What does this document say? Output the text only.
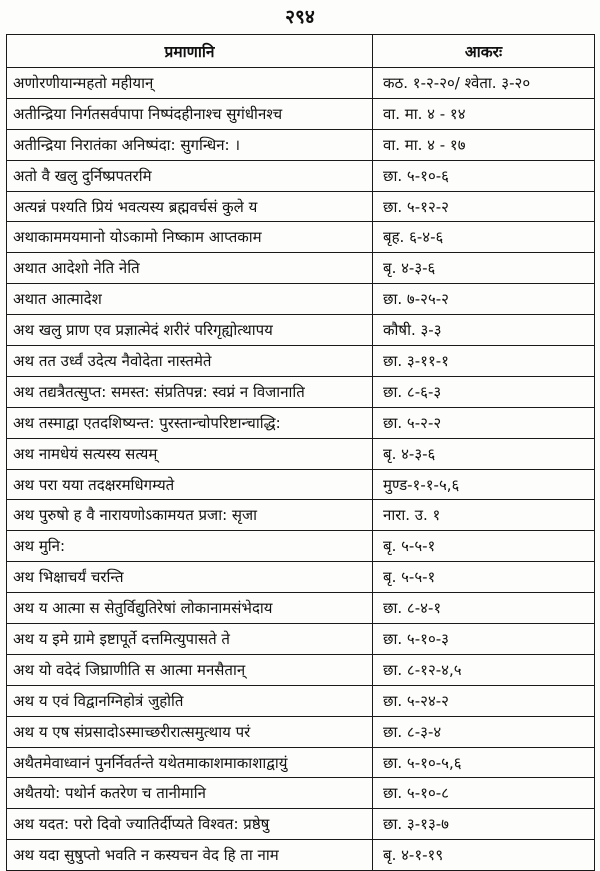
२९४
प्रमाणानि	आकरः
अणोरणीयान्महतो महीयान्	कठ. १-२-२०/ श्वेता. ३-२०
अतीन्द्रिया निर्गतसर्वपापा निष्पंदहीनाश्च सुगंधीनश्च	वा. मा. ४ - १४
अतीन्द्रिया निरातंका अनिष्पंदा: सुगन्धिन: ।	वा. मा. ४ - १७
अतो वै खलु दुर्निष्प्रपतरमि	छा. ५-१०-६
अत्यन्नं पश्यति प्रियं भवत्यस्य ब्रह्मवर्चसं कुले य	छा. ५-१२-२
अथाकाममयमानो योऽकामो निष्काम आप्तकाम	बृह. ६-४-६
अथात आदेशो नेति नेति	बृ. ४-३-६
अथात आत्मादेश	छा. ७-२५-२
अथ खलु प्राण एव प्रज्ञात्मेदं शरीरं परिगृह्योत्थापय	कौषी. ३-३
अथ तत उर्ध्वं उदेत्य नैवोदेता नास्तमेते	छा. ३-११-१
अथ तद्यत्रैतत्सुप्त: समस्त: संप्रतिपन्न: स्वप्नं न विजानाति	छा. ८-६-३
अथ तस्माद्वा एतदशिष्यन्त: पुरस्तान्चोपरिष्टान्चाद्धि:	छा. ५-२-२
अथ नामधेयं सत्यस्य सत्यम्	बृ. ४-३-६
अथ परा यया तदक्षरमधिगम्यते	मुण्ड-१-१-५,६
अथ पुरुषो ह वै नारायणोऽकामयत प्रजा: सृजा	नारा. उ. १
अथ मुनि:	बृ. ५-५-१
अथ भिक्षाचर्यं चरन्ति	बृ. ५-५-१
अथ य आत्मा स सेतुर्विद्युतिरेषां लोकानामसंभेदाय	छा. ८-४-१
अथ य इमे ग्रामे इष्टापूर्ते दत्तमित्युपासते ते	छा. ५-१०-३
अथ यो वदेदं जिघ्राणीति स आत्मा मनसैतान्	छा. ८-१२-४,५
अथ य एवं विद्वानग्निहोत्रं जुहोति	छा. ५-२४-२
अथ य एष संप्रसादोऽस्माच्छरीरात्समुत्थाय परं	छा. ८-३-४
अथैतमेवाध्वानं पुनर्निवर्तन्ते यथेतमाकाशमाकाशाद्वायुं	छा. ५-१०-५,६
अथैतयो: पथोर्न कतरेण च तानीमानि	छा. ५-१०-८
अथ यदत: परो दिवो ज्यातिर्दीप्यते विश्वत: प्रष्ठेषु	छा. ३-१३-७
अथ यदा सुषुप्तो भवति न कस्यचन वेद हि ता नाम	बृ. ४-१-१९
